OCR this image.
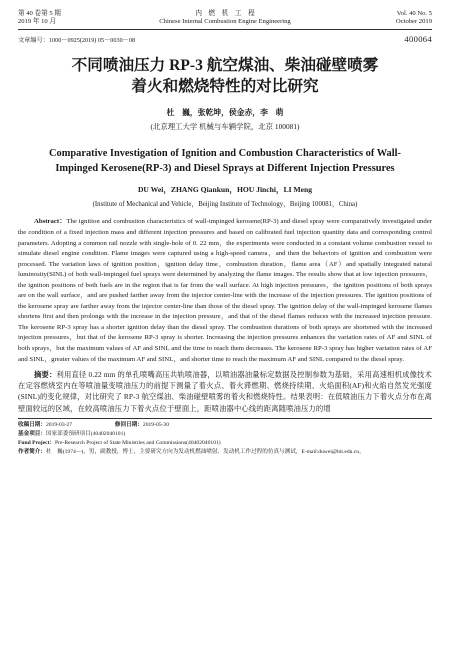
第 40 卷第 5 期
2019 年 10 月
内　燃　机　工　程
Chinese Internal Combustion Engine Engineering
Vol. 40 No. 5
October 2019
文章编号：1000－0925(2019) 05－0030－08	400064
不同喷油压力 RP-3 航空煤油、柴油碰壁喷雾
着火和燃烧特性的对比研究
杜　巍，张乾坤，侯金赤，李　萌
(北京理工大学 机械与车辆学院，北京 100081)
Comparative Investigation of Ignition and Combustion Characteristics of Wall-
Impinged Kerosene(RP-3) and Diesel Sprays at Different Injection Pressures
DU Wei，ZHANG Qiankun，HOU Jinchi，LI Meng
(Institute of Mechanical and Vehicle，Beijing Institute of Technology，Beijing 100081，China)
Abstract：The ignition and combustion characteristics of wall-impinged kerosene(RP-3) and diesel spray were comparatively investigated under the condition of a fixed injection mass and different injection pressures and based on calibrated fuel injection quantity data and corresponding control parameters. Adopting a common rail nozzle with single-hole of 0. 22 mm，the experiments were conducted in a constant volume combustion vessel to simulate diesel engine condition. Flame images were captured using a high-speed camera，and then the behaviors of ignition and combustion were processed. The variation laws of ignition position，ignition delay time，combustion duration，flame area（AF）and spatially integrated natural luminosity(SINL) of both wall-impinged fuel sprays were determined by analyzing the flame images. The results show that at low injection pressures，the ignition positions of both fuels are in the region that is far from the wall surface. At high injection pressures，the ignition positions of both sprays are on the wall surface，and are pushed farther away from the injector center-line with the increase of the injection pressures. The ignition positions of the kerosene spray are farther away from the injector center-line than those of the diesel spray. The ignition delay of the wall-impinged kerosene flames shortens first and then prolongs with the increase in the injection pressure，and that of the diesel flames reduces with the increased injection pressure. The kerosene RP-3 spray has a shorter ignition delay than the diesel spray. The combustion durations of both sprays are shortened with the increased injection pressures，but that of the kerosene RP-3 spray is shorter. Increasing the injection pressures enhances the variation rates of AF and SINL of both sprays，but the maximum values of AF and SINL and the time to reach them decreases. The kerosene RP-3 spray has higher variation rates of AF and SINL，greater values of the maximum AF and SINL，and shorter time to reach the maximum AF and SINL compared to the diesel spray.
摘要：利用直径 0.22 mm 的单孔喷嘴高压共轨喷油器，以喷油器油量标定数据及控制参数为基础，采用高速相机成像技术在定容燃烧室内在等喷油量变喷油压力的前提下测量了着火点、着火滞燃期、燃烧持续期、火焰面积(AF)和火焰自然发光强度(SINL)的变化规律，对比研究了 RP-3 航空煤油、柴油碰壁喷雾的着火和燃烧特性。结果表明：在低喷油压力下着火点分布在离壁面较远的区域，在较高喷油压力下着火点位于壁面上，距喷油器中心线的距离随喷油压力的增
收稿日期：2019-03-27	修回日期：2019-05-30
基金项目：国家部委预研项目(40402040101)
Fund Project：Pre-Research Project of State Ministries and Commissions(40402040101)
作者简介：杜　巍(1974—)，男，副教授，博士，主要研究方向为发动机燃油喷射、发动机工作过程的仿真与测试，E-mail:duwei@bit.edu.cn。
